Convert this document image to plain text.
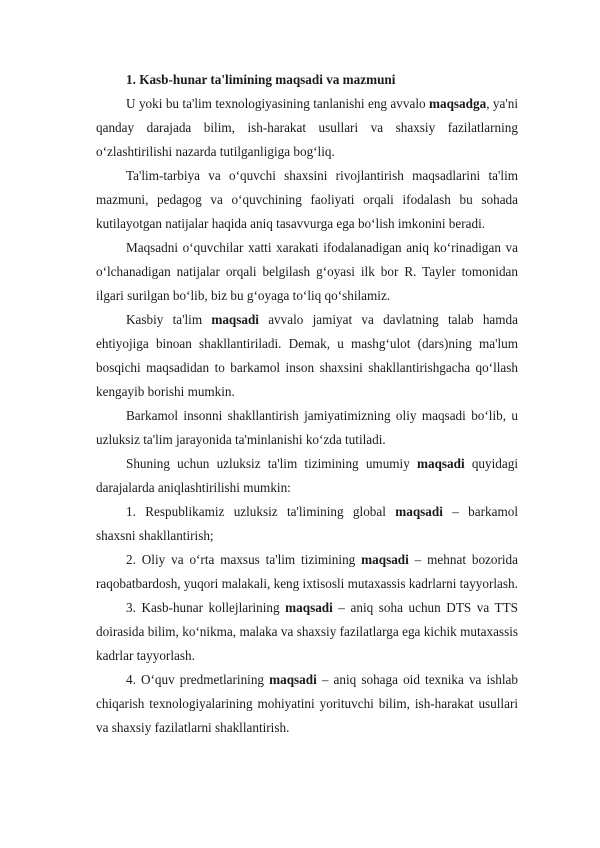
1. Kasb-hunar ta'limining maqsadi va mazmuni

U yoki bu ta'lim texnologiyasining tanlanishi eng avvalo maqsadga, ya'ni qanday darajada bilim, ish-harakat usullari va shaxsiy fazilatlarning o‘zlashtirilishi nazarda tutilganligiga bog‘liq.

Ta'lim-tarbiya va o‘quvchi shaxsini rivojlantirish maqsadlarini ta'lim mazmuni, pedagog va o‘quvchining faoliyati orqali ifodalash bu sohada kutilayotgan natijalar haqida aniq tasavvurga ega bo‘lish imkonini beradi.

Maqsadni o‘quvchilar xatti xarakati ifodalanadigan aniq ko‘rinadigan va o‘lchanadigan natijalar orqali belgilash g‘oyasi ilk bor R. Tayler tomonidan ilgari surilgan bo‘lib, biz bu g‘oyaga to‘liq qo‘shilamiz.

Kasbiy ta'lim maqsadi avvalo jamiyat va davlatning talab hamda ehtiyojiga binoan shakllantiriladi. Demak, u mashg‘ulot (dars)ning ma'lum bosqichi maqsadidan to barkamol inson shaxsini shakllantirishgacha qo‘llash kengayib borishi mumkin.

Barkamol insonni shakllantirish jamiyatimizning oliy maqsadi bo‘lib, u uzluksiz ta'lim jarayonida ta'minlanishi ko‘zda tutiladi.

Shuning uchun uzluksiz ta'lim tizimining umumiy maqsadi quyidagi darajalarda aniqlashtirilishi mumkin:

1. Respublikamiz uzluksiz ta'limining global maqsadi – barkamol shaxsni shakllantirish;

2. Oliy va o‘rta maxsus ta'lim tizimining maqsadi – mehnat bozorida raqobatbardosh, yuqori malakali, keng ixtisosli mutaxassis kadrlarni tayyorlash.

3. Kasb-hunar kollejlarining maqsadi – aniq soha uchun DTS va TTS doirasida bilim, ko‘nikma, malaka va shaxsiy fazilatlarga ega kichik mutaxassis kadrlar tayyorlash.

4. O‘quv predmetlarining maqsadi – aniq sohaga oid texnika va ishlab chiqarish texnologiyalarining mohiyatini yorituvchi bilim, ish-harakat usullari va shaxsiy fazilatlarni shakllantirish.
